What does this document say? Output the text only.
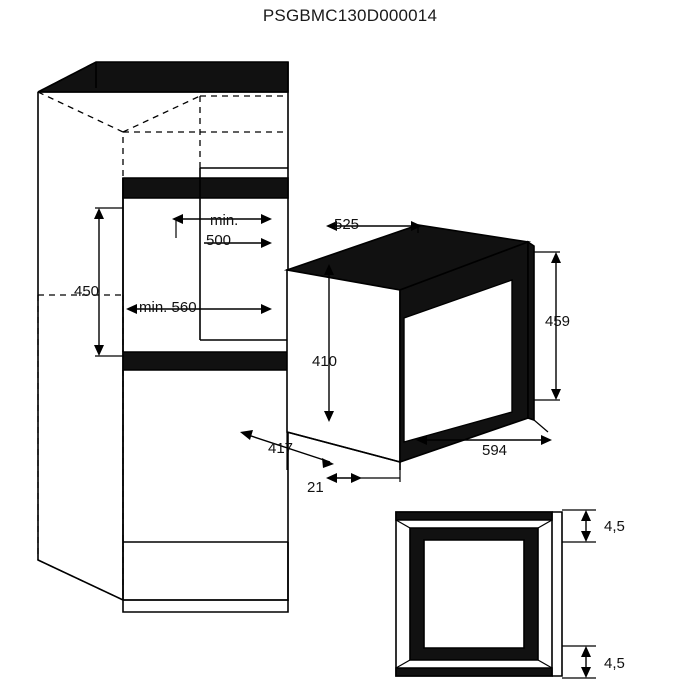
PSGBMC130D000014
min.
500
450
min. 560
525
410
459
417	594
21
4,5
4,5
